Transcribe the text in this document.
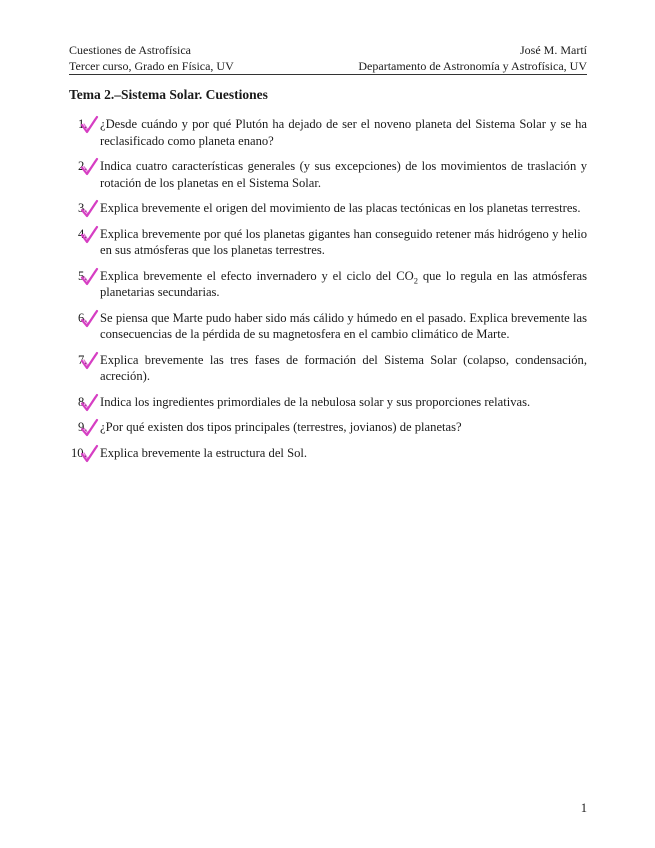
Cuestiones de Astrofísica	José M. Martí
Tercer curso, Grado en Física, UV	Departamento de Astronomía y Astrofísica, UV
Tema 2.–Sistema Solar. Cuestiones
1. ¿Desde cuándo y por qué Plutón ha dejado de ser el noveno planeta del Sistema Solar y se ha reclasificado como planeta enano?
2. Indica cuatro características generales (y sus excepciones) de los movimientos de traslación y rotación de los planetas en el Sistema Solar.
3. Explica brevemente el origen del movimiento de las placas tectónicas en los planetas terrestres.
4. Explica brevemente por qué los planetas gigantes han conseguido retener más hidrógeno y helio en sus atmósferas que los planetas terrestres.
5. Explica brevemente el efecto invernadero y el ciclo del $CO_2$ que lo regula en las atmósferas planetarias secundarias.
6. Se piensa que Marte pudo haber sido más cálido y húmedo en el pasado. Explica brevemente las consecuencias de la pérdida de su magnetosfera en el cambio climático de Marte.
7. Explica brevemente las tres fases de formación del Sistema Solar (colapso, condensación, acreción).
8. Indica los ingredientes primordiales de la nebulosa solar y sus proporciones relativas.
9. ¿Por qué existen dos tipos principales (terrestres, jovianos) de planetas?
10.	Explica brevemente la estructura del Sol.
1
